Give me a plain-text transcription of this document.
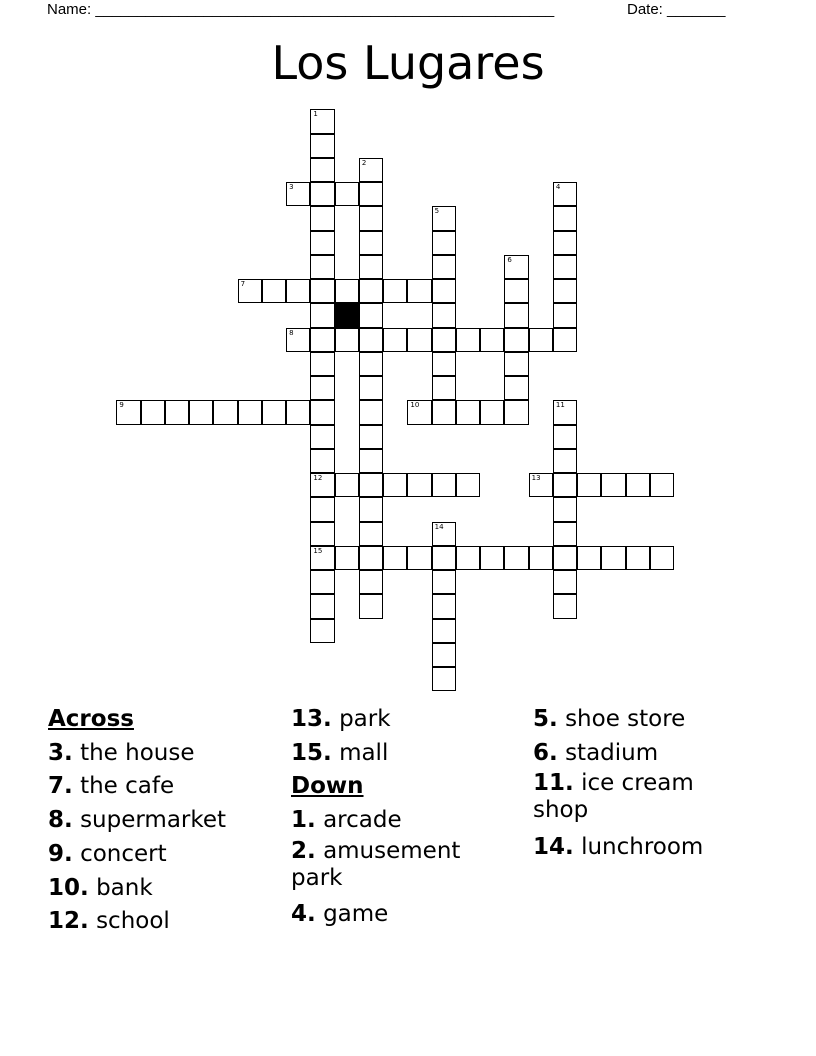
Name: _______________________________________________________	Date: _______
Los Lugares
1
12
15
2
3	4
5
6
7
8
9	10	11
13
14
Across
3. the house
7. the cafe
8. supermarket
9. concert
10. bank
12. school
13. park
15. mall
Down
1. arcade
2. amusement park
4. game
5. shoe store
6. stadium
11. ice cream shop
14. lunchroom
